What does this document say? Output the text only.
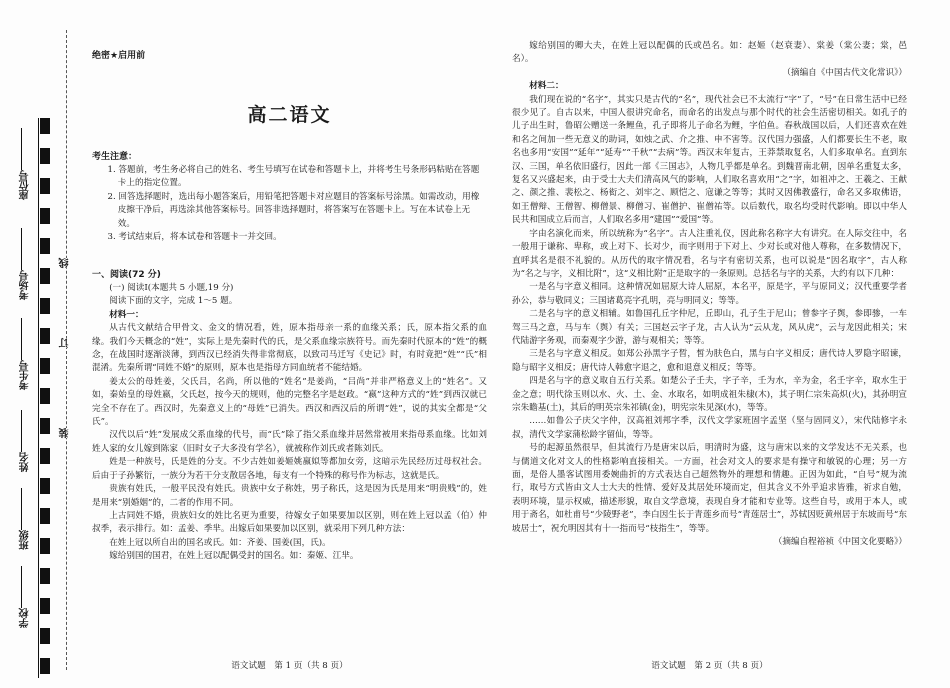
座位号
考场号
考生号
姓名
班级
学校
线
订
装
绝密★启用前
高二语文

考生注意：

1. 答题前，考生务必将自己的姓名、考生号填写在试卷和答题卡上，并将考生号条形码粘贴在答题卡上的指定位置。

2. 回答选择题时，选出每小题答案后，用铅笔把答题卡对应题目的答案标号涂黑。如需改动，用橡皮擦干净后，再选涂其他答案标号。回答非选择题时，将答案写在答题卡上。写在本试卷上无效。

3. 考试结束后，将本试卷和答题卡一并交回。

一、阅读(72 分)

(一) 阅读Ⅰ(本题共 5 小题,19 分)

阅读下面的文字，完成 1～5 题。

材料一：

从古代文献结合甲骨文、金文的情况看，姓，原本指母亲一系的血缘关系；氏，原本指父系的血缘。我们今天概念的“姓”，实际上是先秦时代的氏，是父系血缘宗族符号。而先秦时代原本的“姓”的概念，在战国时逐渐淡薄，到西汉已经消失得非常彻底，以致司马迁写《史记》时，有时竟把“姓”“氏”相混淆。先秦所谓“同姓不婚”的原则，原本也是指母方同血统者不能结婚。

姜太公的母姓姜，父氏吕，名尚，所以他的“姓名”是姜尚，“吕尚”并非严格意义上的“姓名”。又如，秦始皇的母姓嬴，父氏赵，按今天的规则，他的完整名字是赵政。“嬴”这种方式的“姓”到西汉就已完全不存在了。西汉时，先秦意义上的“母姓”已消失。西汉和西汉后的所谓“姓”，说的其实全都是“父氏”。

汉代以后“姓”发展成父系血缘的代号，而“氏”除了指父系血缘并居然常被用来指母系血缘。比如刘姓人家的女儿嫁到陈家（旧时女子大多没有学名），就被称作刘氏或者陈刘氏。

姓是一种族号，氏是姓的分支。不少古姓如姜姬姚嬴姒等都加女旁，这暗示先民经历过母权社会。后由于子孙繁衍，一族分为若干分支散居各地，每支有一个特殊的称号作为标志，这就是氏。

贵族有姓氏，一般平民没有姓氏。贵族中女子称姓，男子称氏，这是因为氏是用来“明贵贱”的，姓是用来“别婚姻”的，二者的作用不同。

上古同姓不婚，贵族妇女的姓比名更为重要，待嫁女子如果要加以区别，则在姓上冠以孟（伯）仲叔季，表示排行。如：孟姜、季芈。出嫁后如果要加以区别，就采用下列几种方法：

在姓上冠以所自出的国名或氏。如：齐姜、国姜(国，氏)。

嫁给别国的国君，在姓上冠以配偶受封的国名。如：秦姬、江芈。

语文试题　第 1 页（共 8 页）

嫁给别国的卿大夫，在姓上冠以配偶的氏或邑名。如：赵姬（赵衰妻）、棠姜（棠公妻；棠，邑名）。

（摘编自《中国古代文化常识》）

材料二：

我们现在说的“名字”，其实只是古代的“名”，现代社会已不太流行“字”了，“号”在日常生活中已经很少见了。自古以来，中国人很讲究命名，而命名的出发点与那个时代的社会生活密切相关。如孔子的儿子出生时，鲁昭公赠送一条鲤鱼，孔子即将儿子命名为鲤，字伯鱼。春秋战国以后，人们还喜欢在姓和名之间加一些无意义的助词，如烛之武、介之推、申不害等。汉代国力强盛，人们都要长生不老，取名也多用“安国”“延年”“延寿”“千秋”“去病”等。西汉末年复古，王莽禁取复名，人们多取单名。直到东汉、三国，单名依旧盛行，因此一部《三国志》，人物几乎都是单名。到魏晋南北朝，因单名重复太多，复名又兴盛起来，由于受士大夫们清高风气的影响，人们取名喜欢用“之”字，如祖冲之、王羲之、王献之、颜之推、裴松之、杨衒之、刘牢之、顾恺之、寇谦之等等；其时又因佛教盛行，命名又多取佛语，如王僧辩、王僧智、柳僧景、柳僧习、崔僧护、崔僧祐等。以后数代，取名均受时代影响。即以中华人民共和国成立后而言，人们取名多用“建国”“爱国”等。

字由名演化而来，所以统称为“名字”。古人注重礼仪，因此称名称字大有讲究。在人际交往中，名一般用于谦称、卑称，或上对下、长对少，而字则用于下对上、少对长或对他人尊称，在多数情况下，直呼其名是很不礼貌的。从历代的取字情况看，名与字有密切关系，也可以说是“因名取字”，古人称为“名之与字，义相比附”，这“义相比附”正是取字的一条原则。总括名与字的关系，大约有以下几种：

一是名与字意义相同。这种情况如屈原大诗人屈原，本名平，原是字，平与原同义；汉代重要学者孙公，恭与敬同义；三国诸葛亮字孔明，亮与明同义；等等。

二是名与字的意义相辅。如鲁国孔丘字仲尼，丘即山，孔子生于尼山；曾参字子舆，参即骖，一车驾三马之意，马与车（舆）有关；三国赵云字子龙，古人认为“云从龙，风从虎”，云与龙因此相关；宋代陆游字务观，而秦观字少游，游与观相关；等等。

三是名与字意义相反。如郑公孙黑字子晳，皙为肤色白，黑与白字义相反；唐代诗人罗隐字昭谏，隐与昭字义相反；唐代诗人韩愈字退之，愈和退意义相反；等等。

四是名与字的意义取自五行关系。如楚公子壬夫，字子辛，壬为水，辛为金，名壬字辛，取水生于金之意；明代徐玉则以水、火、土、金、水取名，如明成祖朱棣(木)，其子明仁宗朱高炽(火)，其孙明宣宗朱瞻基(土)，其后的明英宗朱祁镇(金)，明宪宗朱见深(水)，等等。

……如鲁公子庆父字仲，汉高祖刘邦字季，汉代文学家班固字孟坚（坚与固同义），宋代陆修字永叔，清代文学家蒲松龄字留仙，等等。

号的起源虽然很早，但其流行乃是唐宋以后，明清时为盛，这与唐宋以来的文学发达不无关系，也与儒道文化对文人的性格影响直接相关。一方面，社会对文人的要求是有操守和敏锐的心理；另一方面，是俗人墨客试图用委婉曲折的方式表达自己超然物外的理想和情趣。正因为如此，“自号”规为流行，取号方式皆由文人士大夫的性情、爱好及其居处环境而定，但其含义不外乎追求皆雅，祈求自勉，表明环境，显示权威，描述形貌，取自文学意境，表现自身才能和专业等。这些自号，或用于本人，或用于斋名，如杜甫号“少陵野老”，李白因生长于青莲乡而号“青莲居士”，苏轼因贬黄州居于东坡而号“东坡居士”，祝允明因其有十一指而号“枝指生”，等等。

（摘编自程裕祯《中国文化要略》）

语文试题　第 2 页（共 8 页）
